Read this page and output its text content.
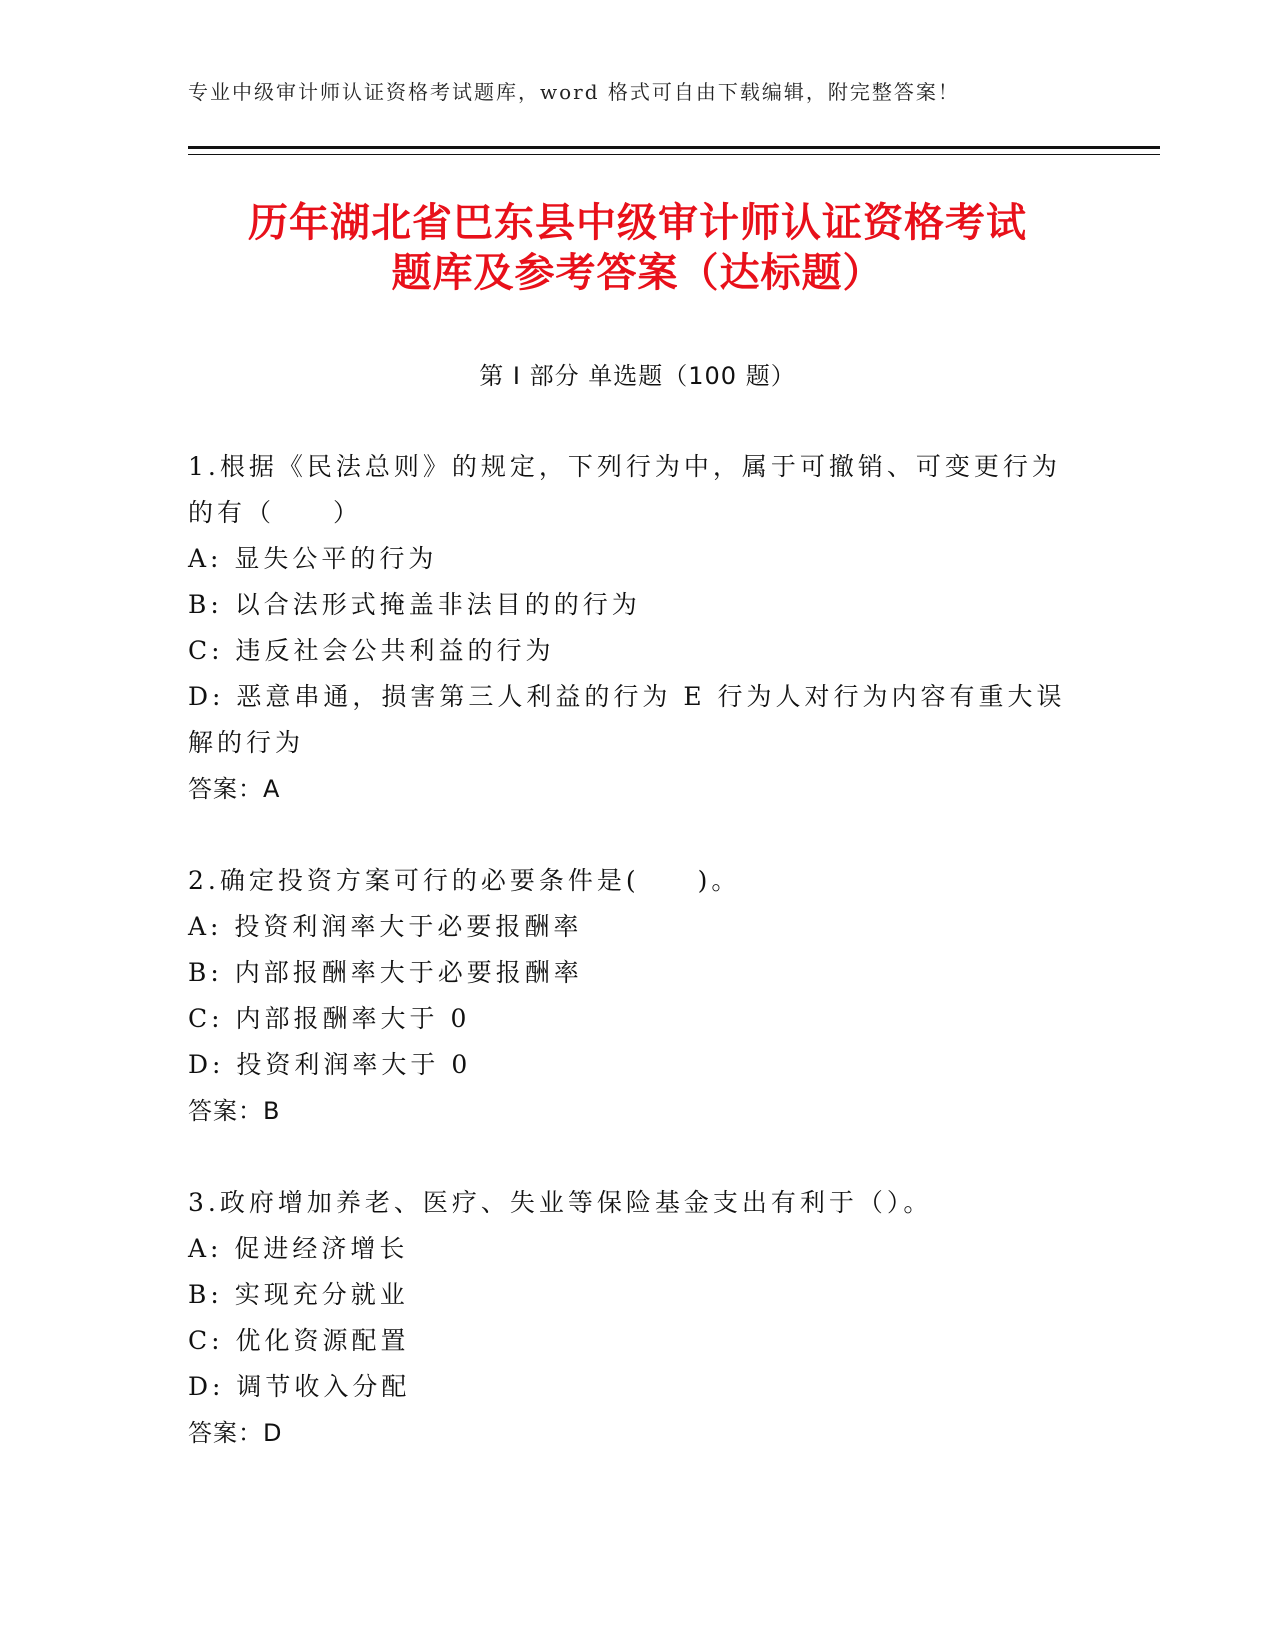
专业中级审计师认证资格考试题库，word 格式可自由下载编辑，附完整答案！
历年湖北省巴东县中级审计师认证资格考试
题库及参考答案（达标题）
第 I 部分 单选题（100 题）
1.根据《民法总则》的规定，下列行为中，属于可撤销、可变更行为的有（　　）
A: 显失公平的行为
B: 以合法形式掩盖非法目的的行为
C: 违反社会公共利益的行为
D: 恶意串通，损害第三人利益的行为 E 行为人对行为内容有重大误解的行为
答案：A
2.确定投资方案可行的必要条件是(　　)。
A: 投资利润率大于必要报酬率
B: 内部报酬率大于必要报酬率
C: 内部报酬率大于 0
D: 投资利润率大于 0
答案：B
3.政府增加养老、医疗、失业等保险基金支出有利于（）。
A: 促进经济增长
B: 实现充分就业
C: 优化资源配置
D: 调节收入分配
答案：D
